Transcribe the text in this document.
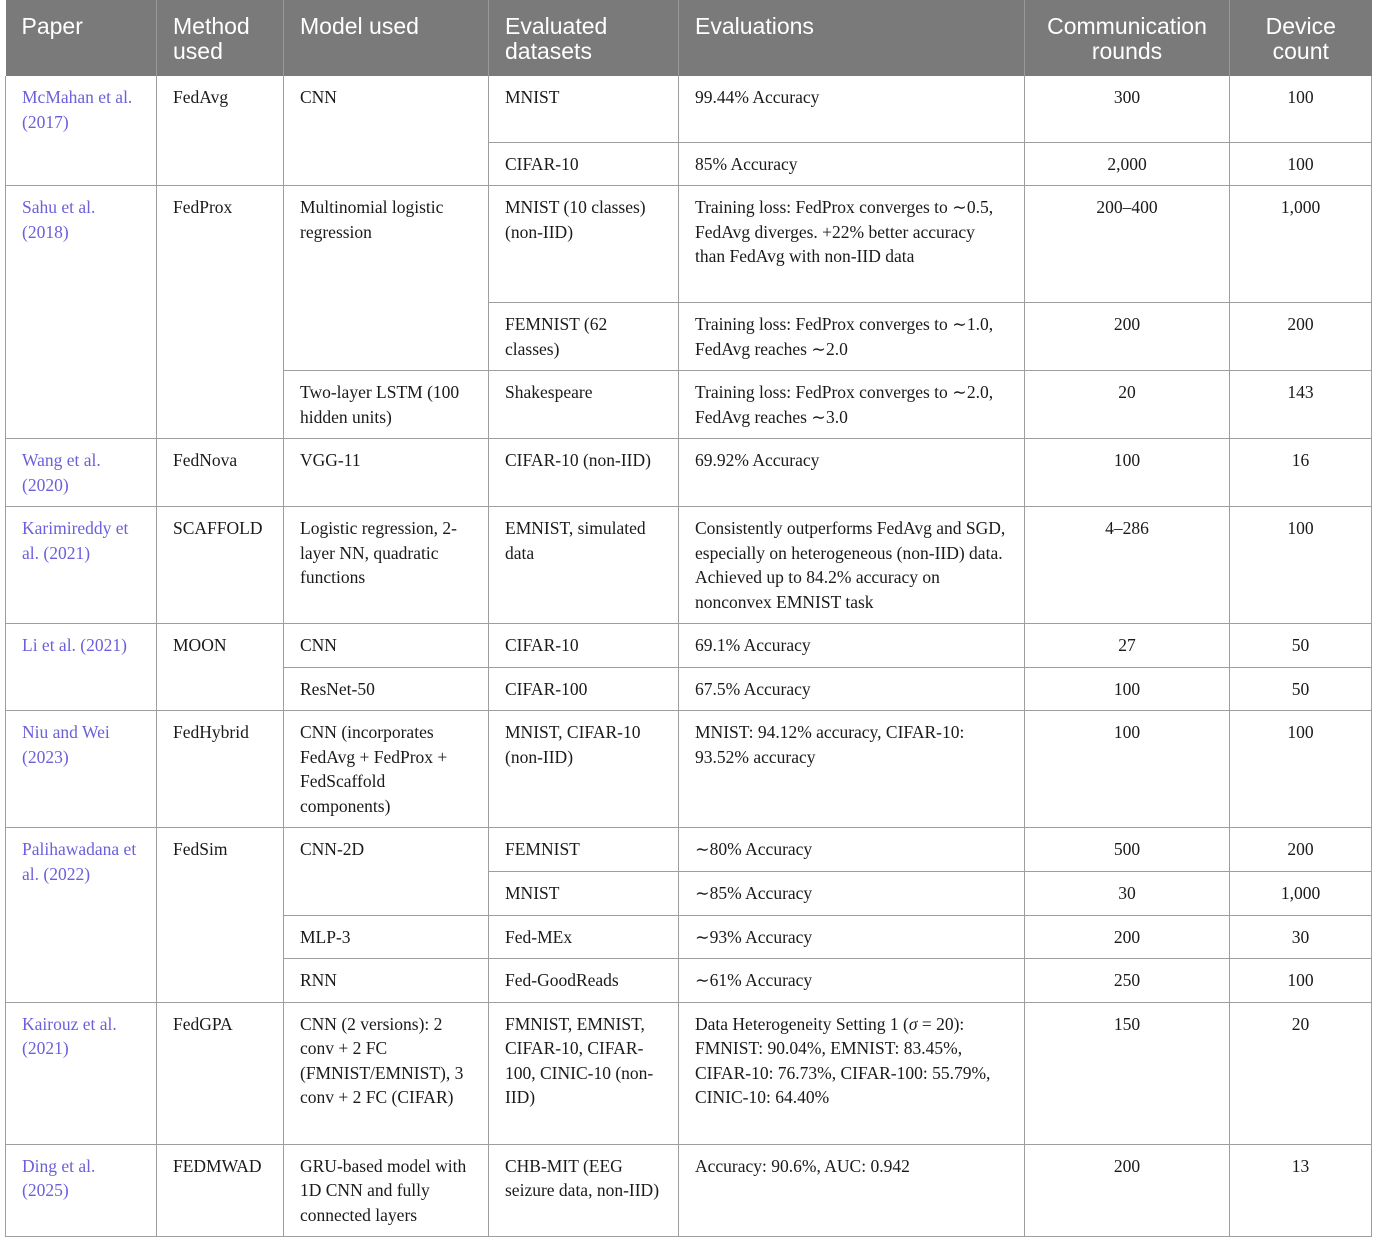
Paper	Method used	Model used	Evaluated datasets	Evaluations	Communication rounds	Device count
McMahan et al. (2017)	FedAvg	CNN	MNIST	99.44% Accuracy	300	100
			CIFAR-10	85% Accuracy	2,000	100
Sahu et al. (2018)	FedProx	Multinomial logistic regression	MNIST (10 classes) (non-IID)	Training loss: FedProx converges to ∼0.5, FedAvg diverges. +22% better accuracy than FedAvg with non-IID data	200–400	1,000
			FEMNIST (62 classes)	Training loss: FedProx converges to ∼1.0, FedAvg reaches ∼2.0	200	200
		Two-layer LSTM (100 hidden units)	Shakespeare	Training loss: FedProx converges to ∼2.0, FedAvg reaches ∼3.0	20	143
Wang et al. (2020)	FedNova	VGG-11	CIFAR-10 (non-IID)	69.92% Accuracy	100	16
Karimireddy et al. (2021)	SCAFFOLD	Logistic regression, 2-layer NN, quadratic functions	EMNIST, simulated data	Consistently outperforms FedAvg and SGD, especially on heterogeneous (non-IID) data. Achieved up to 84.2% accuracy on nonconvex EMNIST task	4–286	100
Li et al. (2021)	MOON	CNN	CIFAR-10	69.1% Accuracy	27	50
		ResNet-50	CIFAR-100	67.5% Accuracy	100	50
Niu and Wei (2023)	FedHybrid	CNN (incorporates FedAvg + FedProx + FedScaffold components)	MNIST, CIFAR-10 (non-IID)	MNIST: 94.12% accuracy, CIFAR-10: 93.52% accuracy	100	100
Palihawadana et al. (2022)	FedSim	CNN-2D	FEMNIST	∼80% Accuracy	500	200
			MNIST	∼85% Accuracy	30	1,000
		MLP-3	Fed-MEx	∼93% Accuracy	200	30
		RNN	Fed-GoodReads	∼61% Accuracy	250	100
Kairouz et al. (2021)	FedGPA	CNN (2 versions): 2 conv + 2 FC (FMNIST/EMNIST), 3 conv + 2 FC (CIFAR)	FMNIST, EMNIST, CIFAR-10, CIFAR-100, CINIC-10 (non-IID)	Data Heterogeneity Setting 1 (σ = 20): FMNIST: 90.04%, EMNIST: 83.45%, CIFAR-10: 76.73%, CIFAR-100: 55.79%, CINIC-10: 64.40%	150	20
Ding et al. (2025)	FEDMWAD	GRU-based model with 1D CNN and fully connected layers	CHB-MIT (EEG seizure data, non-IID)	Accuracy: 90.6%, AUC: 0.942	200	13
